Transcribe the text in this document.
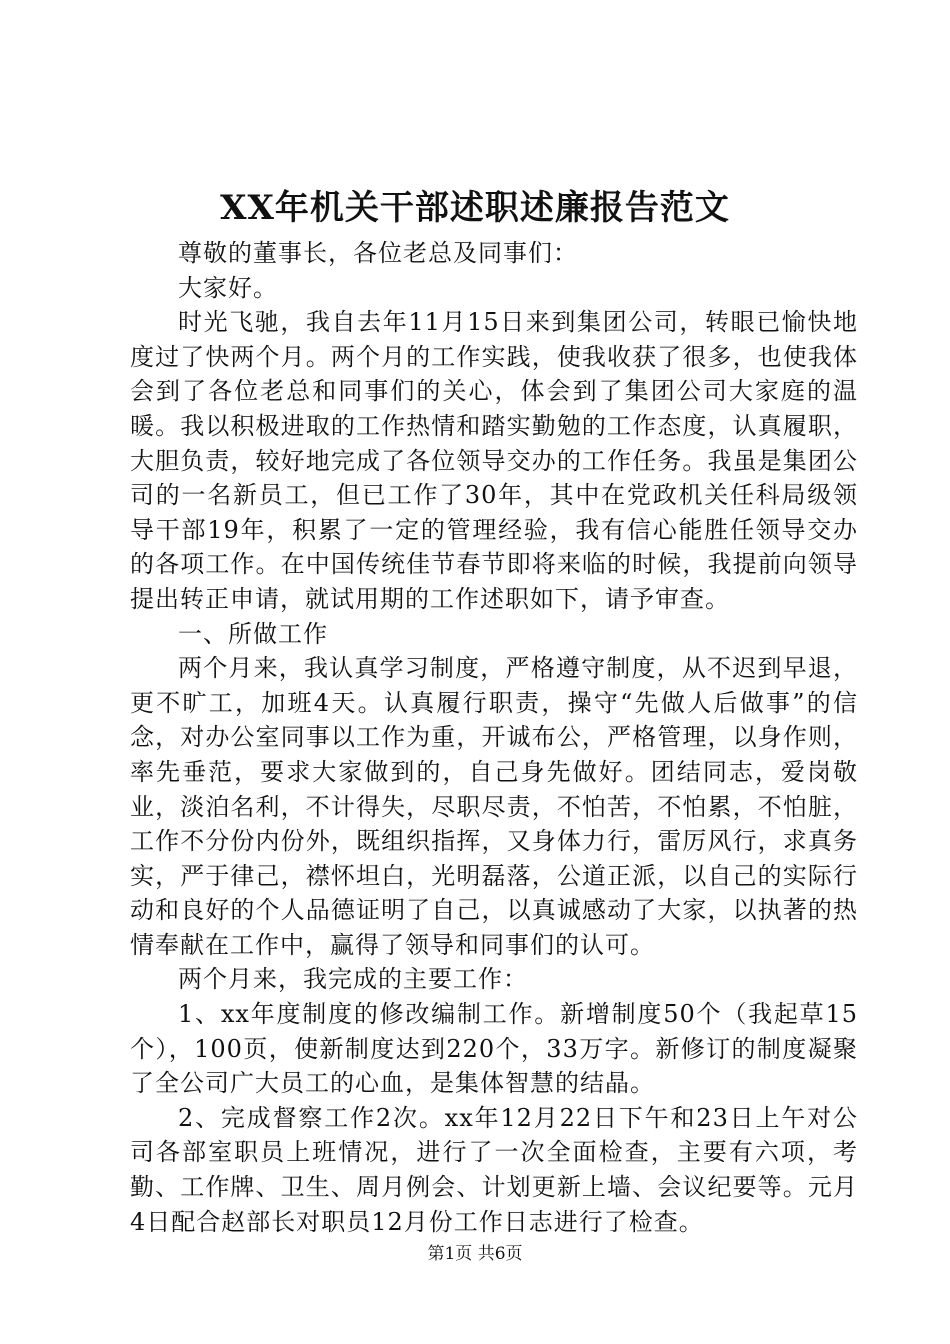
XX年机关干部述职述廉报告范文

尊敬的董事长，各位老总及同事们：

大家好。

时光飞驰，我自去年11月15日来到集团公司，转眼已愉快地度过了快两个月。两个月的工作实践，使我收获了很多，也使我体会到了各位老总和同事们的关心，体会到了集团公司大家庭的温暖。我以积极进取的工作热情和踏实勤勉的工作态度，认真履职，大胆负责，较好地完成了各位领导交办的工作任务。我虽是集团公司的一名新员工，但已工作了30年，其中在党政机关任科局级领导干部19年，积累了一定的管理经验，我有信心能胜任领导交办的各项工作。在中国传统佳节春节即将来临的时候，我提前向领导提出转正申请，就试用期的工作述职如下，请予审查。

一、所做工作

两个月来，我认真学习制度，严格遵守制度，从不迟到早退，更不旷工，加班4天。认真履行职责，操守“先做人后做事”的信念，对办公室同事以工作为重，开诚布公，严格管理，以身作则，率先垂范，要求大家做到的，自己身先做好。团结同志，爱岗敬业，淡泊名利，不计得失，尽职尽责，不怕苦，不怕累，不怕脏，工作不分份内份外，既组织指挥，又身体力行，雷厉风行，求真务实，严于律己，襟怀坦白，光明磊落，公道正派，以自己的实际行动和良好的个人品德证明了自己，以真诚感动了大家，以执著的热情奉献在工作中，赢得了领导和同事们的认可。

两个月来，我完成的主要工作：

1、xx年度制度的修改编制工作。新增制度50个（我起草15个），100页，使新制度达到220个，33万字。新修订的制度凝聚了全公司广大员工的心血，是集体智慧的结晶。

2、完成督察工作2次。xx年12月22日下午和23日上午对公司各部室职员上班情况，进行了一次全面检查，主要有六项，考勤、工作牌、卫生、周月例会、计划更新上墙、会议纪要等。元月4日配合赵部长对职员12月份工作日志进行了检查。

第1页 共6页
